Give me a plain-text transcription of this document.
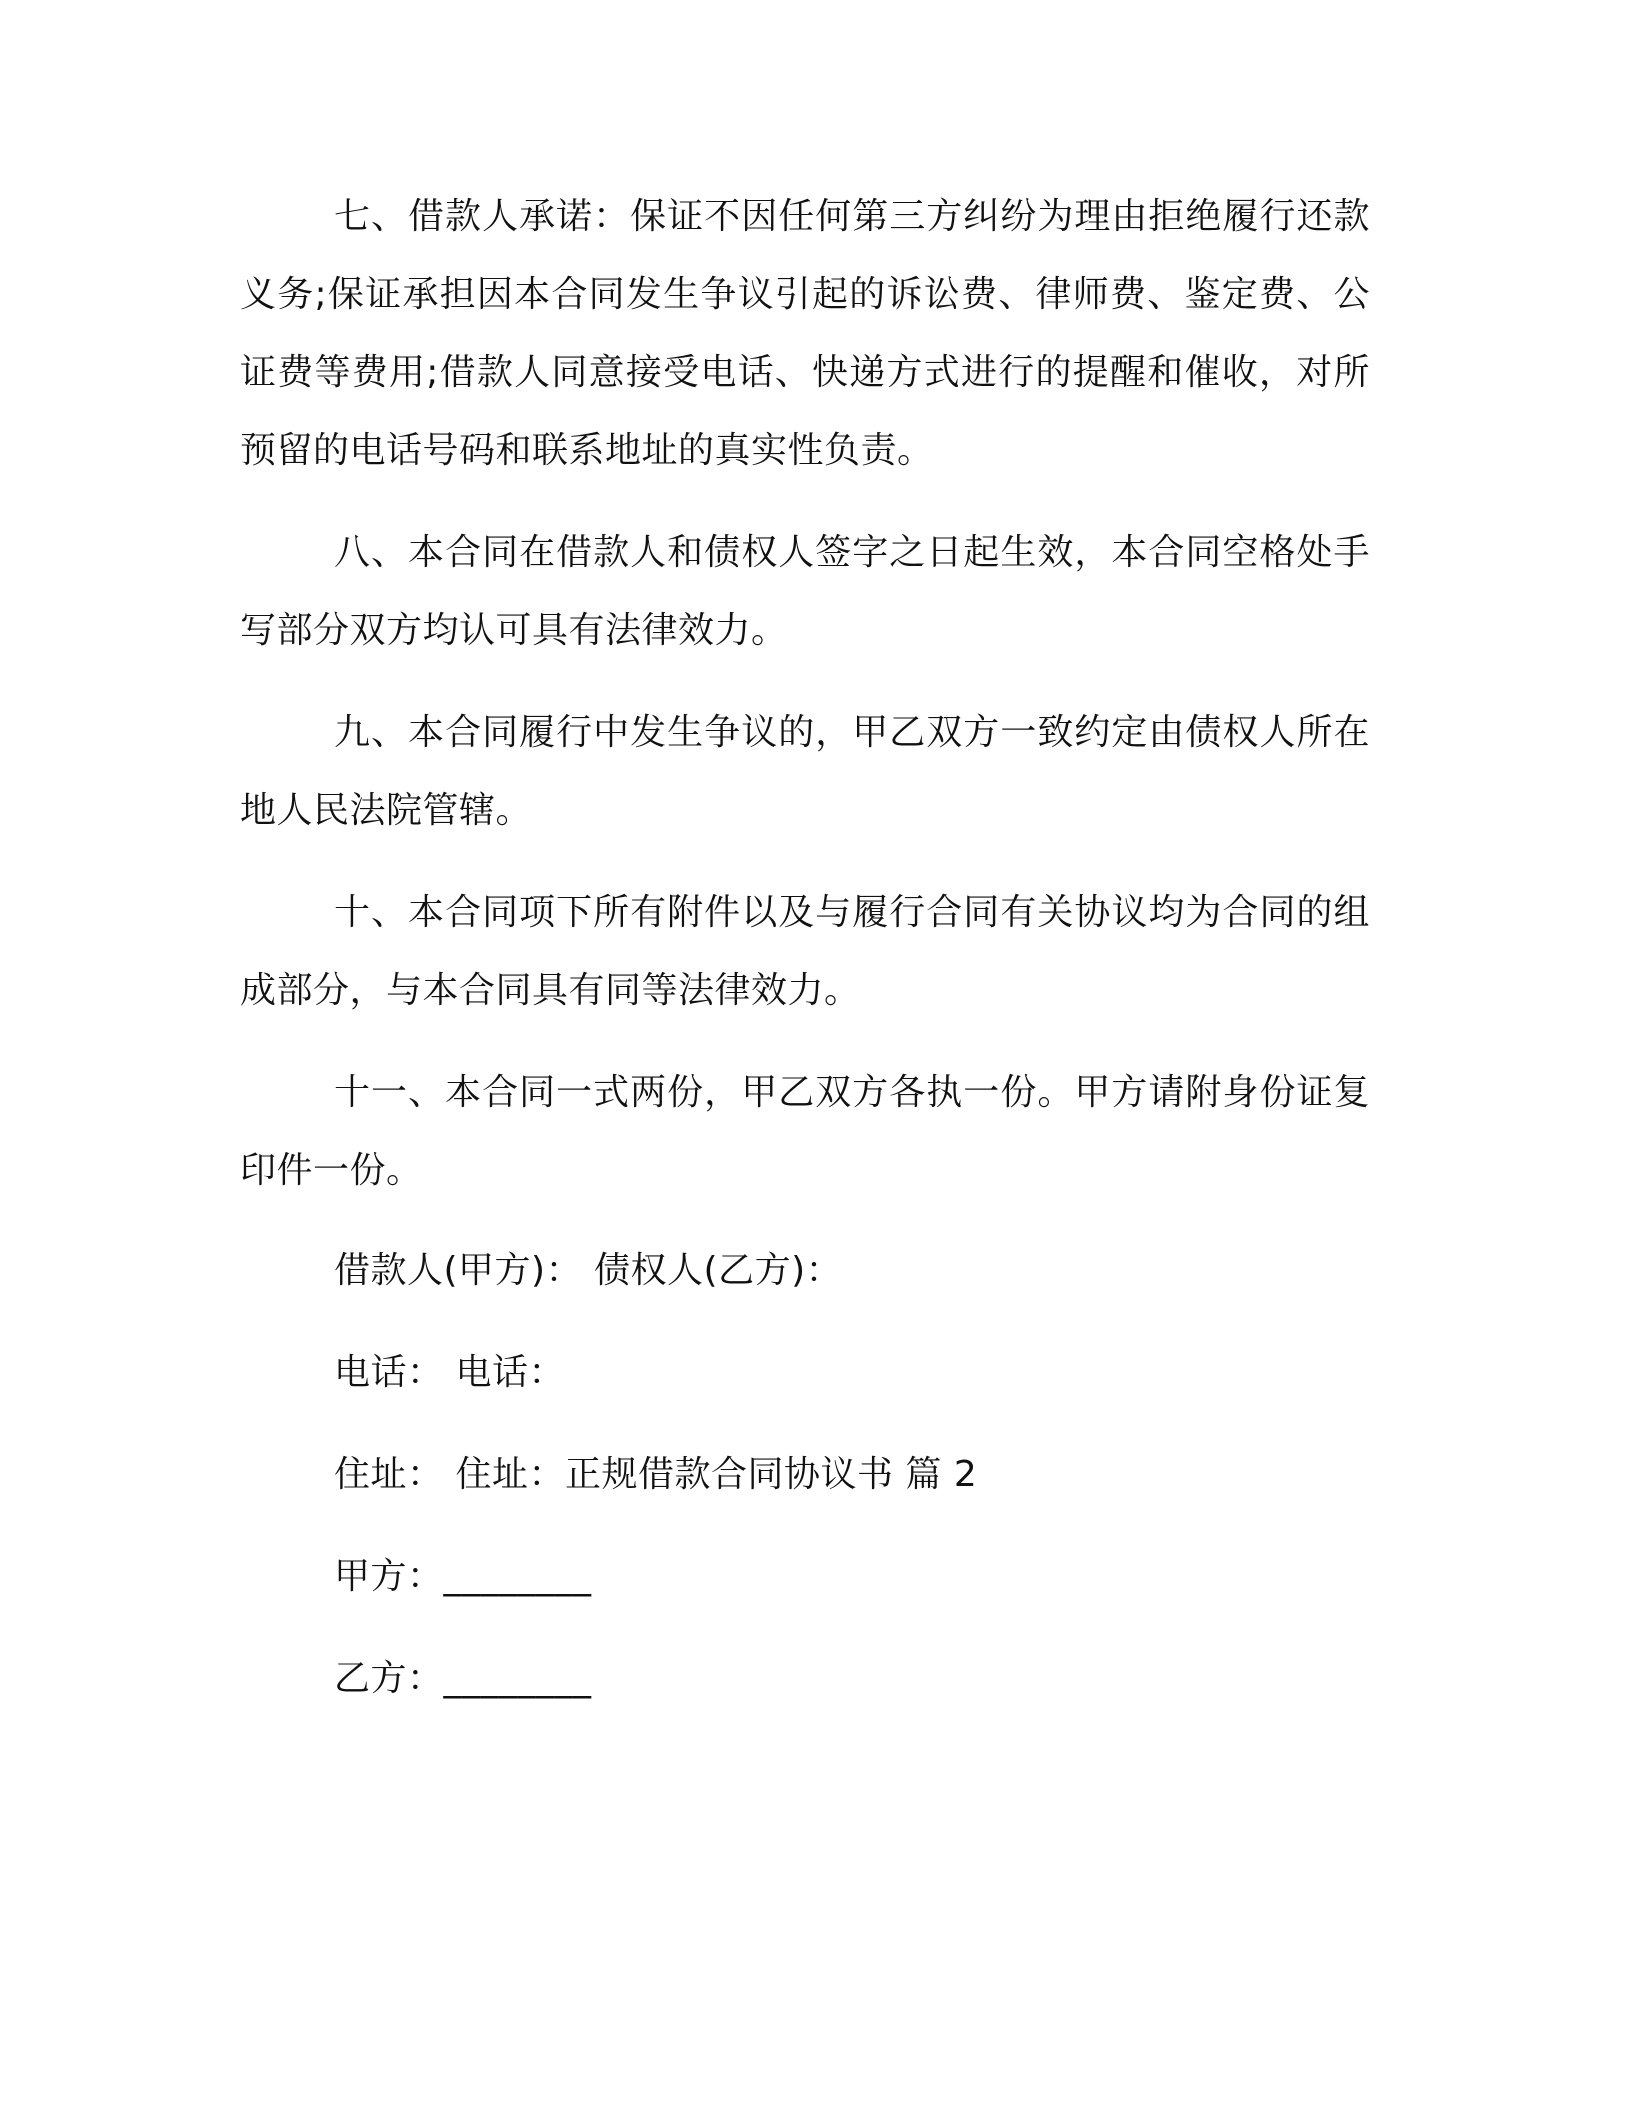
七、借款人承诺：保证不因任何第三方纠纷为理由拒绝履行还款义务;保证承担因本合同发生争议引起的诉讼费、律师费、鉴定费、公证费等费用;借款人同意接受电话、快递方式进行的提醒和催收，对所预留的电话号码和联系地址的真实性负责。

八、本合同在借款人和债权人签字之日起生效，本合同空格处手写部分双方均认可具有法律效力。

九、本合同履行中发生争议的，甲乙双方一致约定由债权人所在地人民法院管辖。

十、本合同项下所有附件以及与履行合同有关协议均为合同的组成部分，与本合同具有同等法律效力。

十一、本合同一式两份，甲乙双方各执一份。甲方请附身份证复印件一份。

借款人(甲方)： 债权人(乙方)：

电话： 电话：

住址： 住址：正规借款合同协议书 篇 2

甲方：________

乙方：________
